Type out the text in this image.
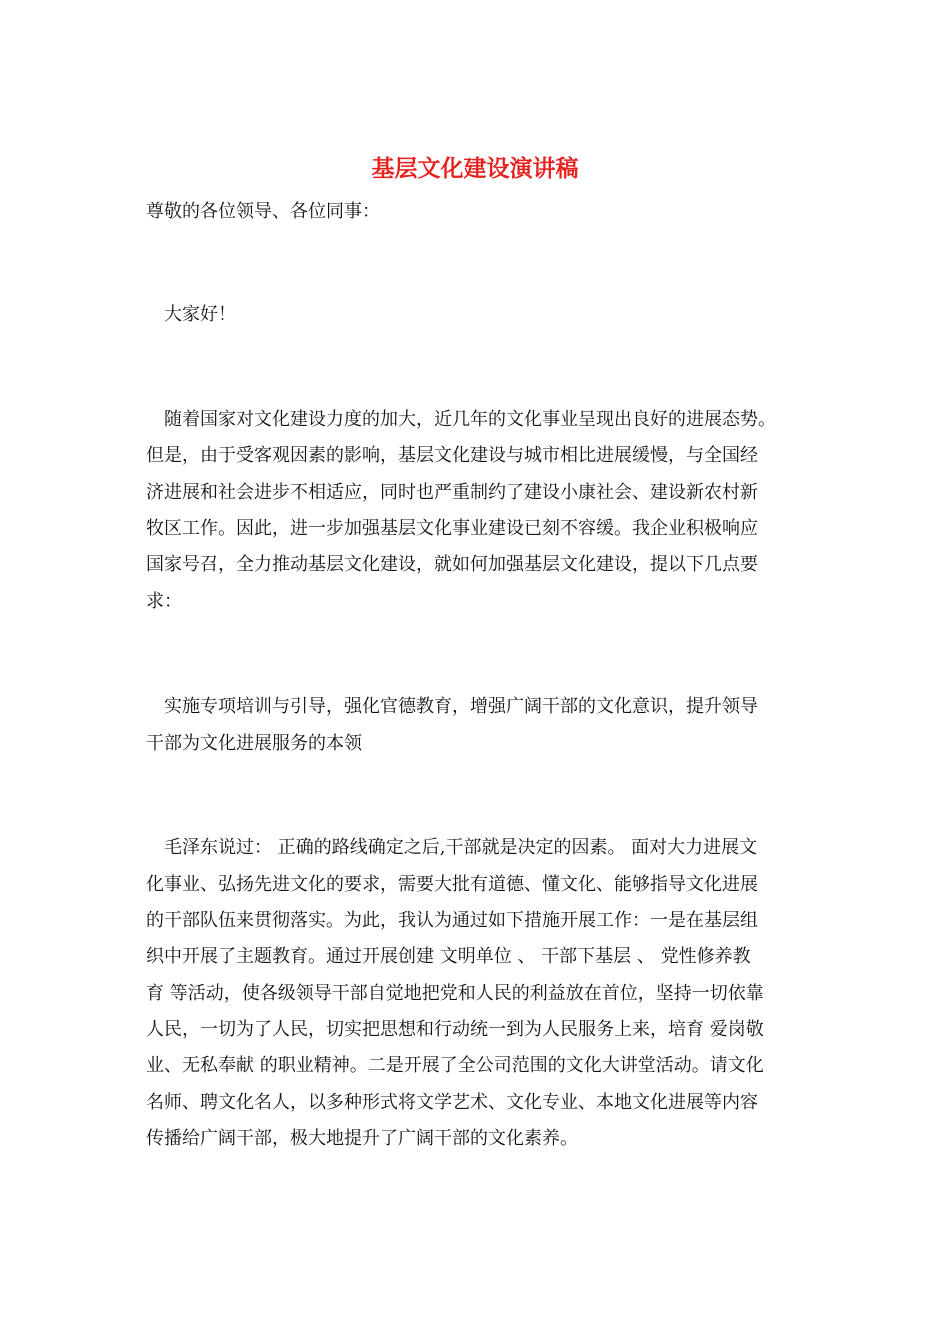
基层文化建设演讲稿

尊敬的各位领导、各位同事：

大家好！

随着国家对文化建设力度的加大，近几年的文化事业呈现出良好的进展态势。

但是，由于受客观因素的影响，基层文化建设与城市相比进展缓慢，与全国经

济进展和社会进步不相适应，同时也严重制约了建设小康社会、建设新农村新

牧区工作。因此，进一步加强基层文化事业建设已刻不容缓。我企业积极响应

国家号召，全力推动基层文化建设，就如何加强基层文化建设，提以下几点要

求：

实施专项培训与引导，强化官德教育，增强广阔干部的文化意识，提升领导

干部为文化进展服务的本领

毛泽东说过： 正确的路线确定之后,干部就是决定的因素。 面对大力进展文

化事业、弘扬先进文化的要求，需要大批有道德、懂文化、能够指导文化进展

的干部队伍来贯彻落实。为此，我认为通过如下措施开展工作：一是在基层组

织中开展了主题教育。通过开展创建 文明单位 、 干部下基层 、 党性修养教

育 等活动，使各级领导干部自觉地把党和人民的利益放在首位，坚持一切依靠

人民，一切为了人民，切实把思想和行动统一到为人民服务上来，培育 爱岗敬

业、无私奉献 的职业精神。二是开展了全公司范围的文化大讲堂活动。请文化

名师、聘文化名人，以多种形式将文学艺术、文化专业、本地文化进展等内容

传播给广阔干部，极大地提升了广阔干部的文化素养。
